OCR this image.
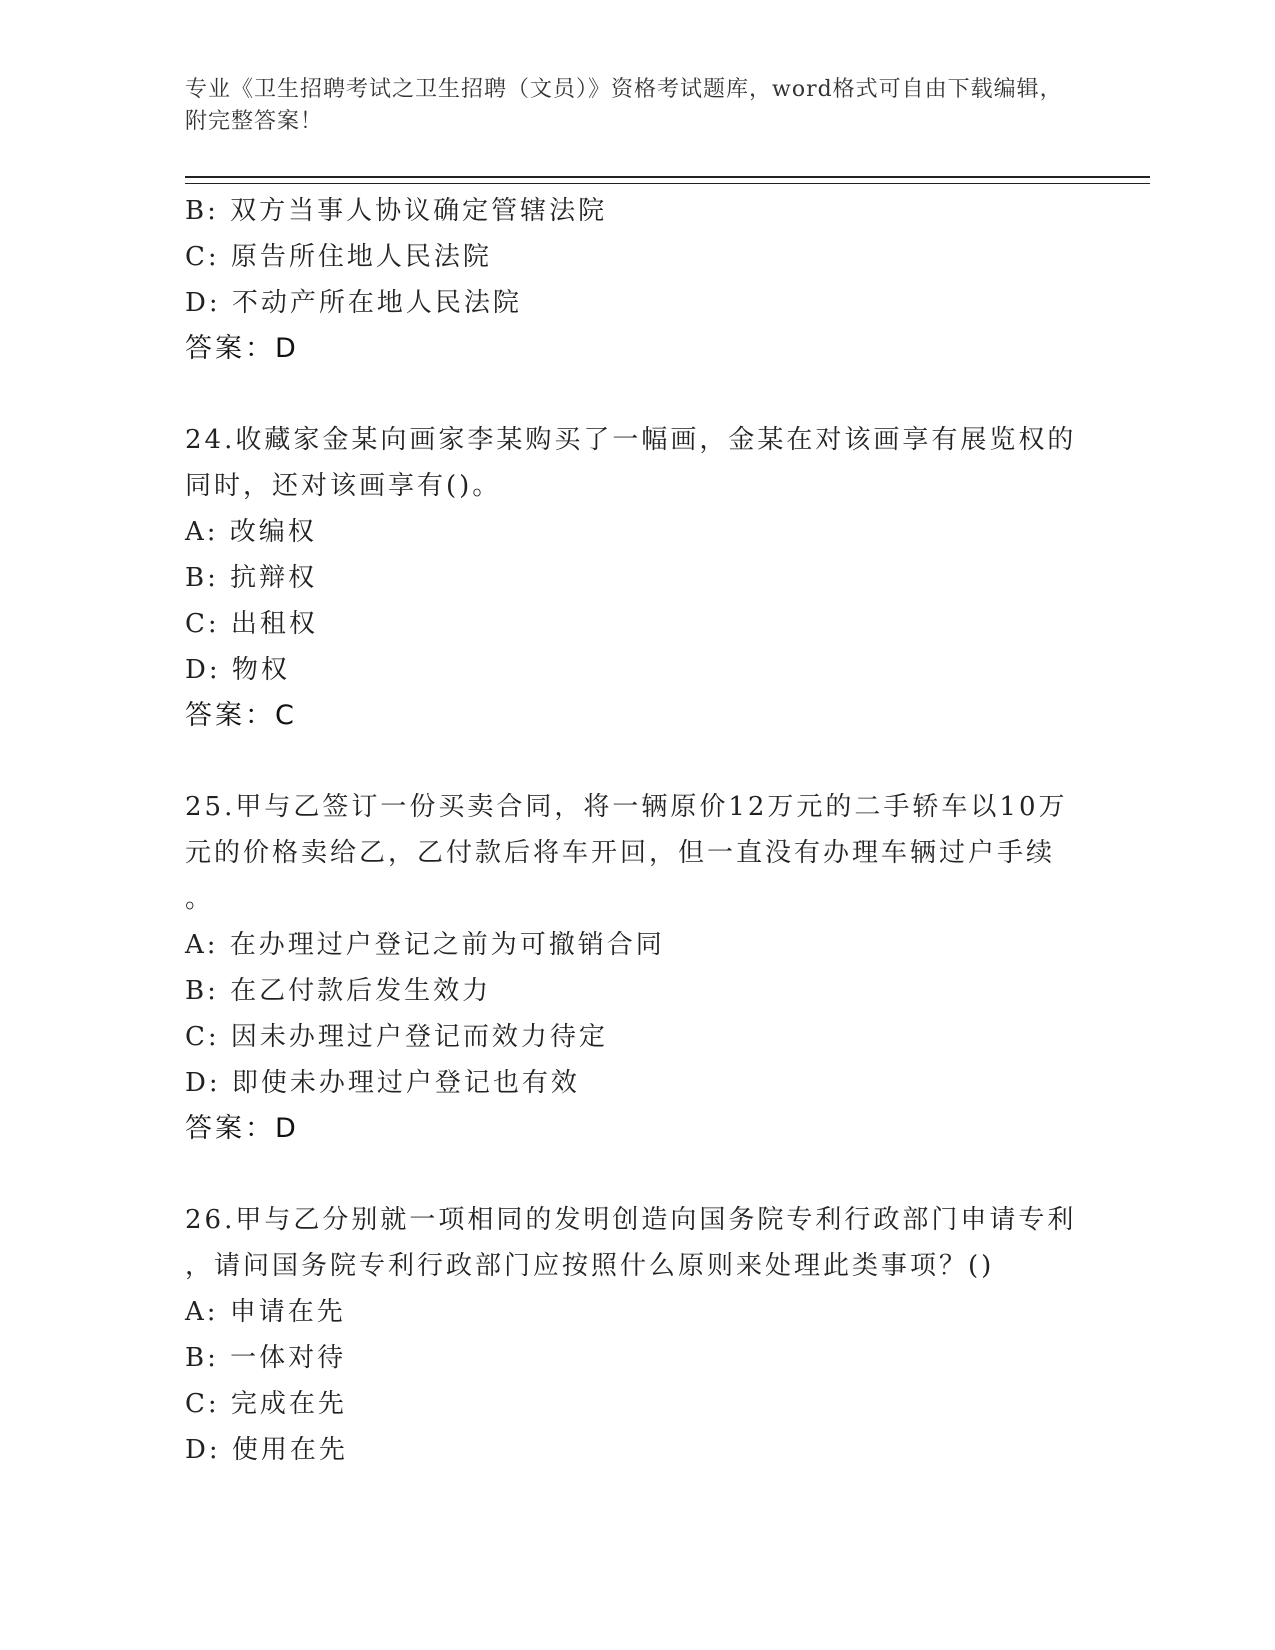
专业《卫生招聘考试之卫生招聘（文员）》资格考试题库，word格式可自由下载编辑，附完整答案！
B: 双方当事人协议确定管辖法院
C: 原告所住地人民法院
D: 不动产所在地人民法院
答案：D
24.收藏家金某向画家李某购买了一幅画，金某在对该画享有展览权的
同时，还对该画享有()。
A: 改编权
B: 抗辩权
C: 出租权
D: 物权
答案：C
25.甲与乙签订一份买卖合同，将一辆原价12万元的二手轿车以10万
元的价格卖给乙，乙付款后将车开回，但一直没有办理车辆过户手续
。
A: 在办理过户登记之前为可撤销合同
B: 在乙付款后发生效力
C: 因未办理过户登记而效力待定
D: 即使未办理过户登记也有效
答案：D
26.甲与乙分别就一项相同的发明创造向国务院专利行政部门申请专利
，请问国务院专利行政部门应按照什么原则来处理此类事项？()
A: 申请在先
B: 一体对待
C: 完成在先
D: 使用在先
